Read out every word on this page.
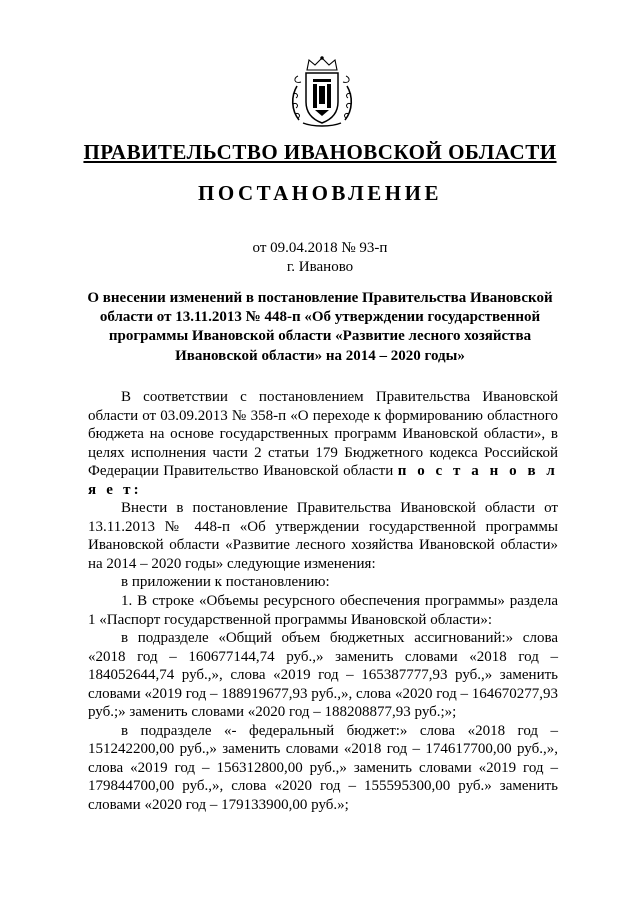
ПРАВИТЕЛЬСТВО ИВАНОВСКОЙ ОБЛАСТИ
ПОСТАНОВЛЕНИЕ
от 09.04.2018 № 93-п
г. Иваново
О внесении изменений в постановление Правительства Ивановской области от 13.11.2013 № 448-п «Об утверждении государственной программы Ивановской области «Развитие лесного хозяйства Ивановской области» на 2014 – 2020 годы»

В соответствии с постановлением Правительства Ивановской области от 03.09.2013 № 358-п «О переходе к формированию областного бюджета на основе государственных программ Ивановской области», в целях исполнения части 2 статьи 179 Бюджетного кодекса Российской Федерации Правительство Ивановской области п о с т а н о в л я е т:

Внести в постановление Правительства Ивановской области от 13.11.2013 № 448-п «Об утверждении государственной программы Ивановской области «Развитие лесного хозяйства Ивановской области» на 2014 – 2020 годы» следующие изменения:

в приложении к постановлению:

1. В строке «Объемы ресурсного обеспечения программы» раздела 1 «Паспорт государственной программы Ивановской области»:

в подразделе «Общий объем бюджетных ассигнований:» слова «2018 год – 160677144,74 руб.,» заменить словами «2018 год – 184052644,74 руб.,», слова «2019 год – 165387777,93 руб.,» заменить словами «2019 год – 188919677,93 руб.,», слова «2020 год – 164670277,93 руб.;» заменить словами «2020 год – 188208877,93 руб.;»;

в подразделе «- федеральный бюджет:» слова «2018 год – 151242200,00 руб.,» заменить словами «2018 год – 174617700,00 руб.,», слова «2019 год – 156312800,00 руб.,» заменить словами «2019 год – 179844700,00 руб.,», слова «2020 год – 155595300,00 руб.» заменить словами «2020 год – 179133900,00 руб.»;
